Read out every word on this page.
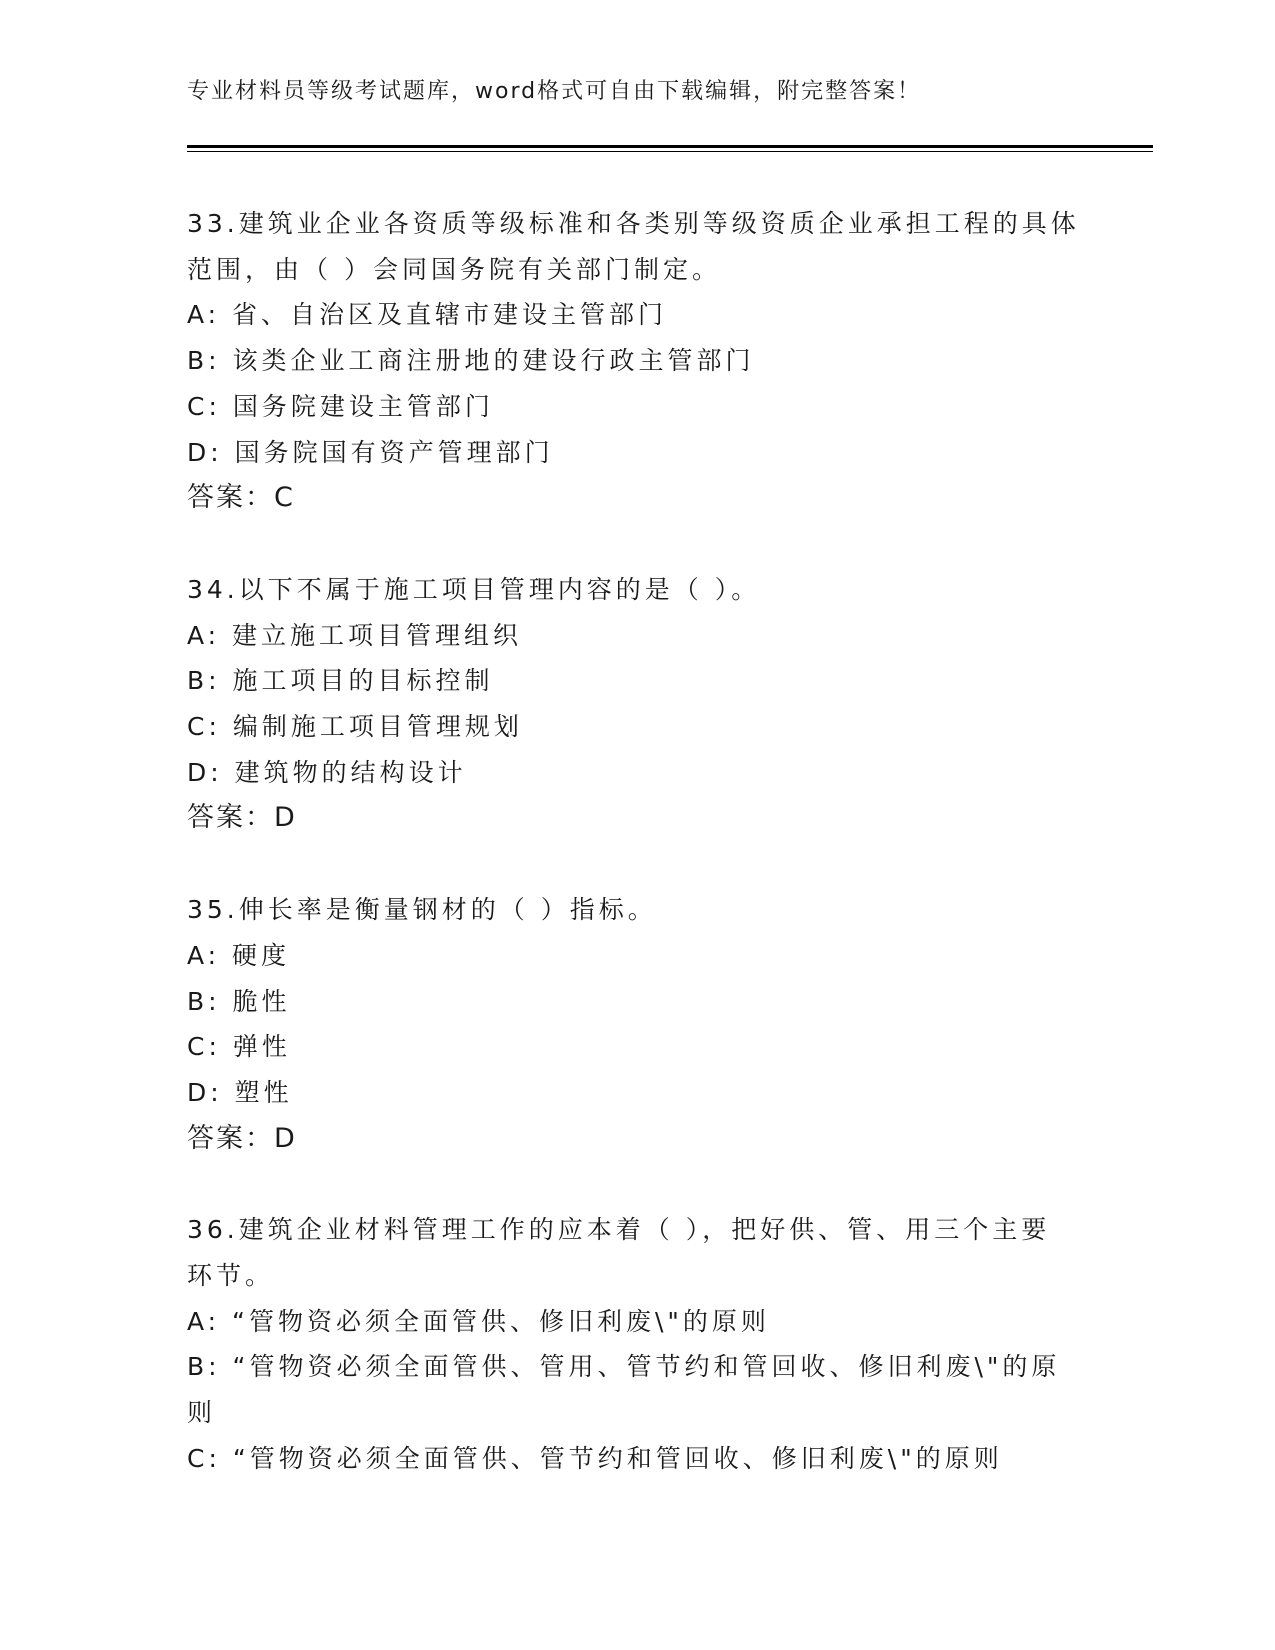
专业材料员等级考试题库，word格式可自由下载编辑，附完整答案！
33.建筑业企业各资质等级标准和各类别等级资质企业承担工程的具体
范围，由（ ）会同国务院有关部门制定。
A: 省、自治区及直辖市建设主管部门
B: 该类企业工商注册地的建设行政主管部门
C: 国务院建设主管部门
D: 国务院国有资产管理部门
答案：C
34.以下不属于施工项目管理内容的是（ ）。
A: 建立施工项目管理组织
B: 施工项目的目标控制
C: 编制施工项目管理规划
D: 建筑物的结构设计
答案：D
35.伸长率是衡量钢材的（ ）指标。
A: 硬度
B: 脆性
C: 弹性
D: 塑性
答案：D
36.建筑企业材料管理工作的应本着（ ），把好供、管、用三个主要
环节。
A: “管物资必须全面管供、修旧利废\"的原则
B: “管物资必须全面管供、管用、管节约和管回收、修旧利废\"的原
则
C: “管物资必须全面管供、管节约和管回收、修旧利废\"的原则
